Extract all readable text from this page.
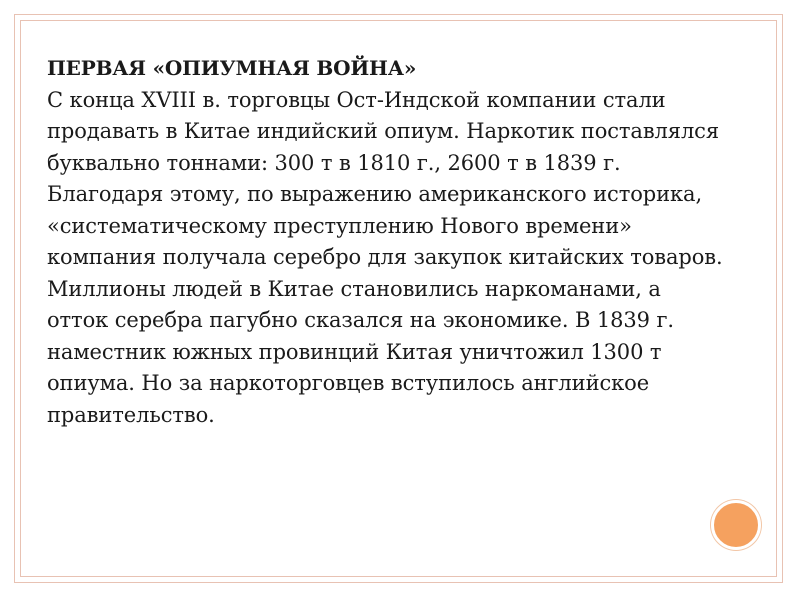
ПЕРВАЯ «ОПИУМНАЯ ВОЙНА»
С конца XVIII в. торговцы Ост-Индской компании стали
продавать в Китае индийский опиум. Наркотик поставлялся
буквально тоннами: 300 т в 1810 г., 2600 т в 1839 г.
Благодаря этому, по выражению американского историка,
«систематическому преступлению Нового времени»
компания получала серебро для закупок китайских товаров.
Миллионы людей в Китае становились наркоманами, а
отток серебра пагубно сказался на экономике. В 1839 г.
наместник южных провинций Китая уничтожил 1300 т
опиума. Но за наркоторговцев вступилось английское
правительство.
